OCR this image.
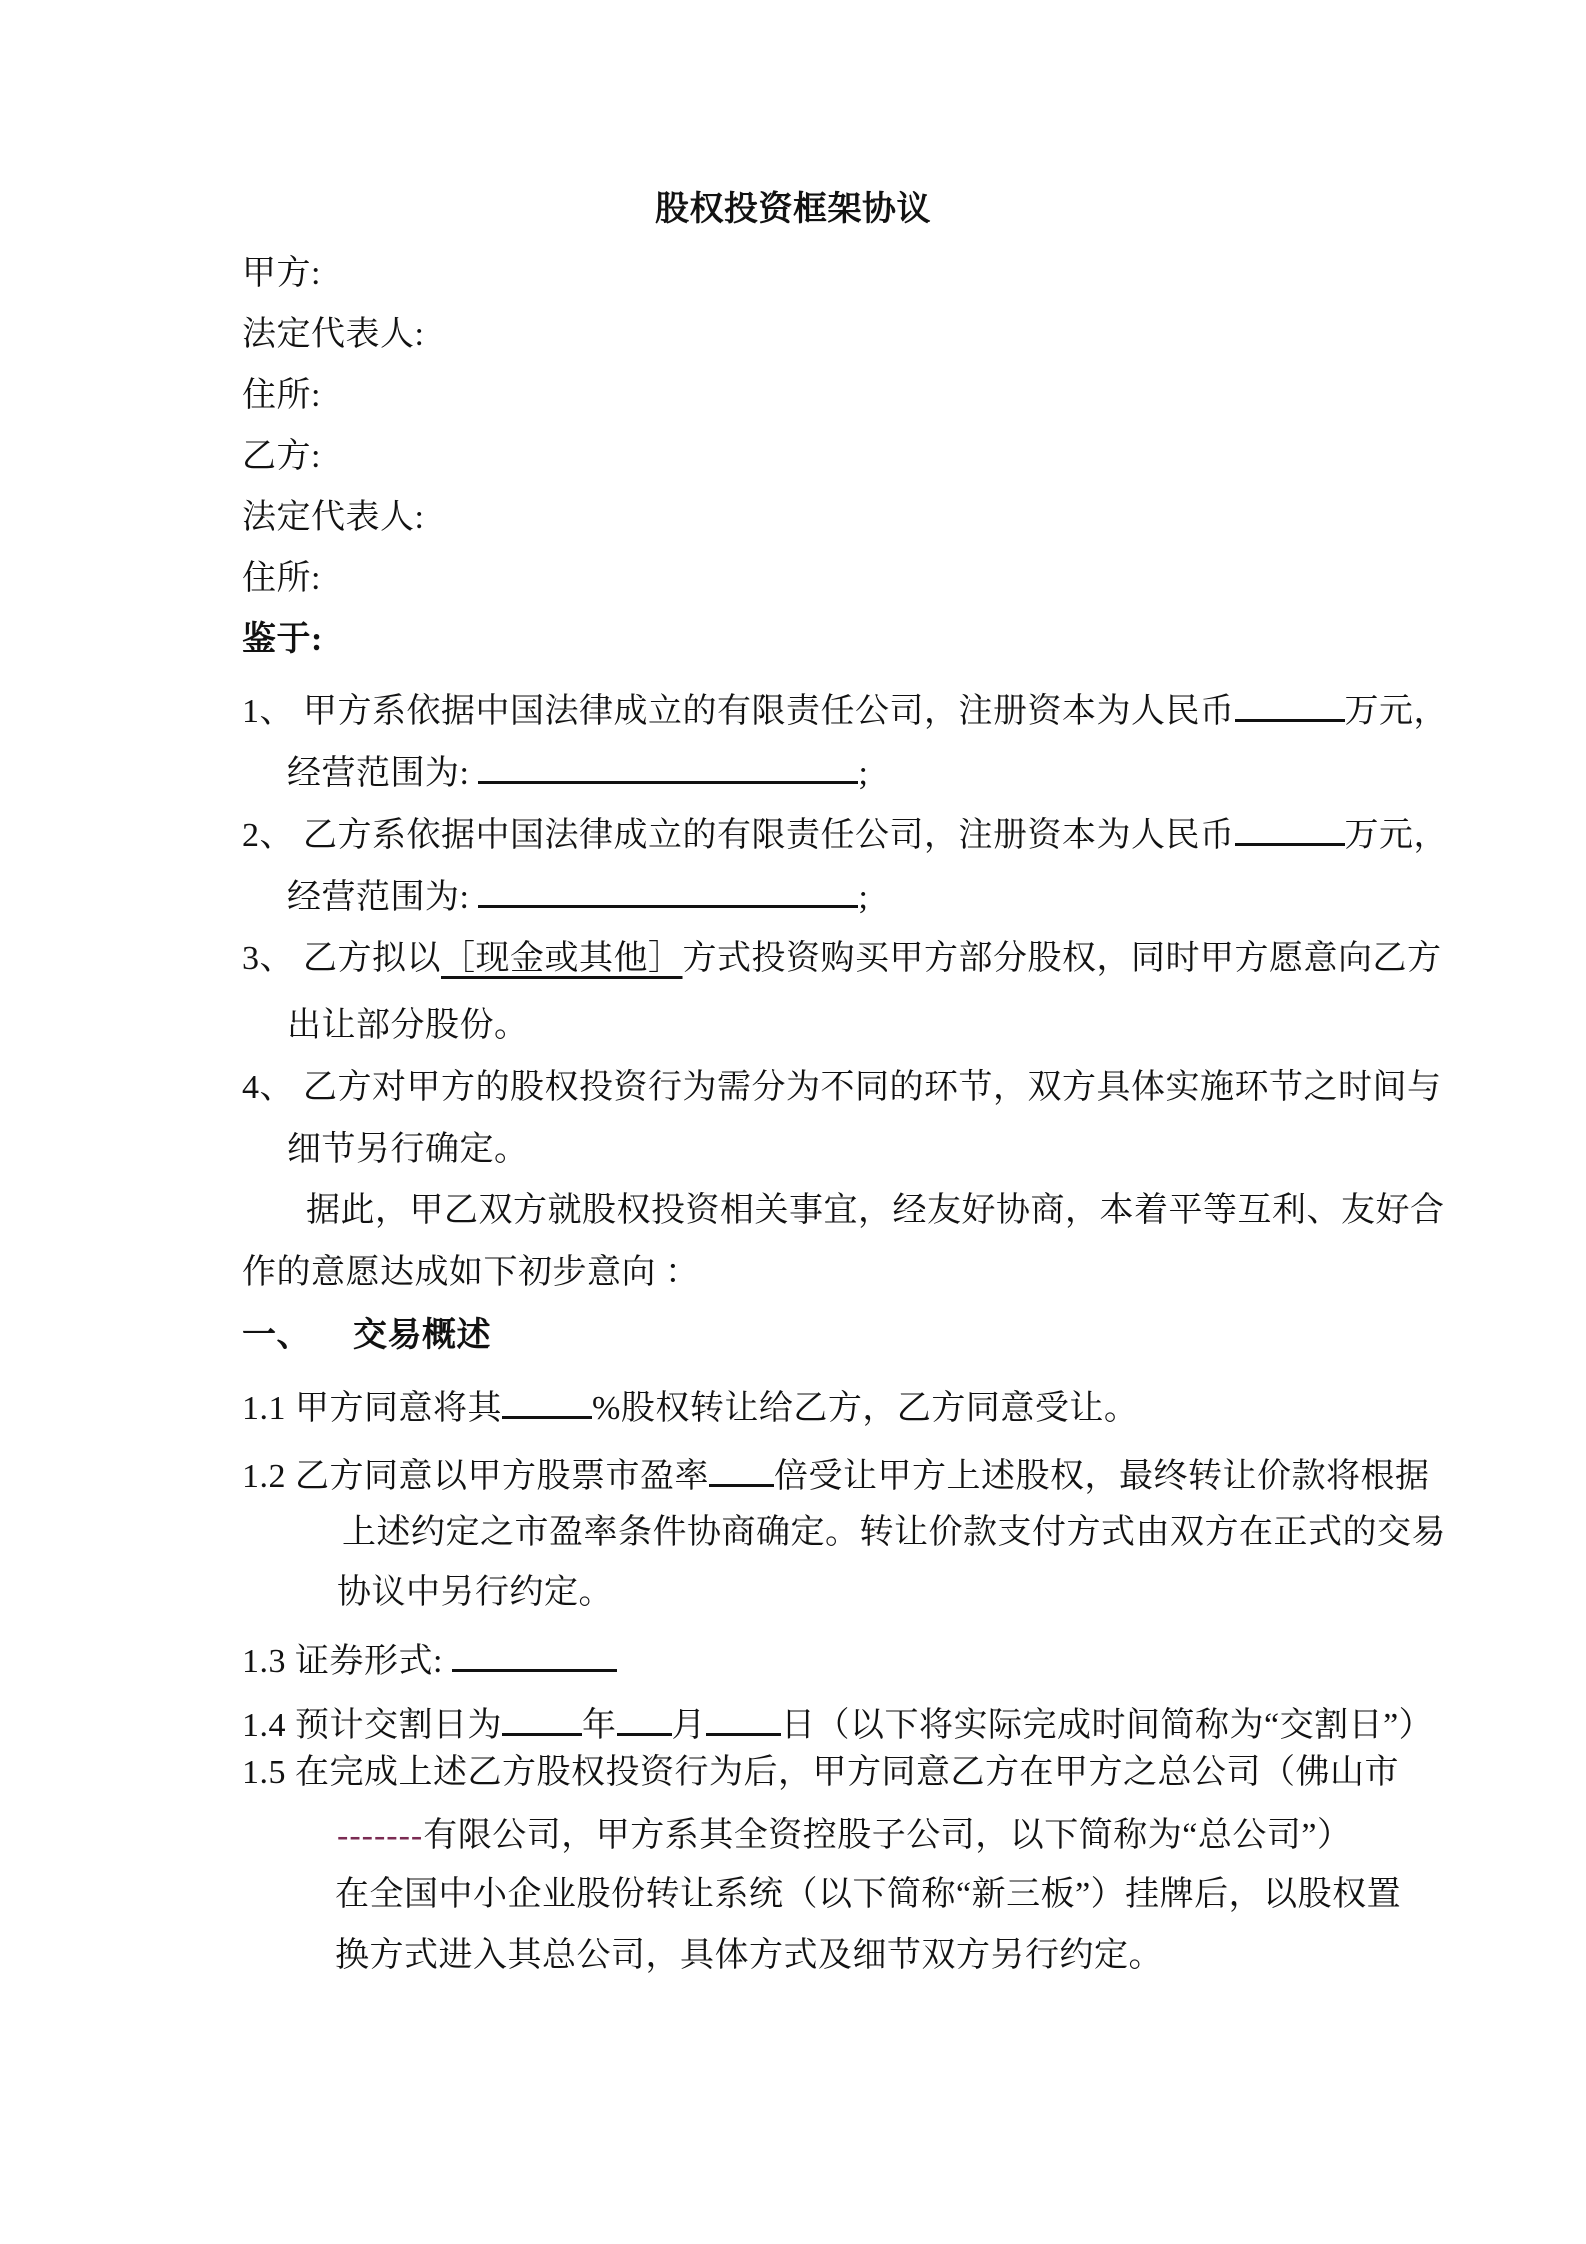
股权投资框架协议
甲方:
法定代表人:
住所:
乙方:
法定代表人:
住所:
鉴于:
1、 甲方系依据中国法律成立的有限责任公司，注册资本为人民币	万元，
经营范围为:	;
2、 乙方系依据中国法律成立的有限责任公司，注册资本为人民币	万元，
经营范围为:	;
3、 乙方拟以［现金或其他］方式投资购买甲方部分股权，同时甲方愿意向乙方
出让部分股份。
4、 乙方对甲方的股权投资行为需分为不同的环节，双方具体实施环节之时间与
细节另行确定。
据此，甲乙双方就股权投资相关事宜，经友好协商，本着平等互利、友好合
作的意愿达成如下初步意向 ：
一、 交易概述
1.1 甲方同意将其	%股权转让给乙方，乙方同意受让。
1.2 乙方同意以甲方股票市盈率 倍受让甲方上述股权，最终转让价款将根据
上述约定之市盈率条件协商确定。转让价款支付方式由双方在正式的交易
协议中另行约定。
1.3 证券形式:
1.4 预计交割日为 年 月 日（以下将实际完成时间简称为“交割日”）
1.5 在完成上述乙方股权投资行为后，甲方同意乙方在甲方之总公司（佛山市
-------有限公司，甲方系其全资控股子公司，以下简称为“总公司”）
在全国中小企业股份转让系统（以下简称“新三板”）挂牌后，以股权置
换方式进入其总公司，具体方式及细节双方另行约定。
